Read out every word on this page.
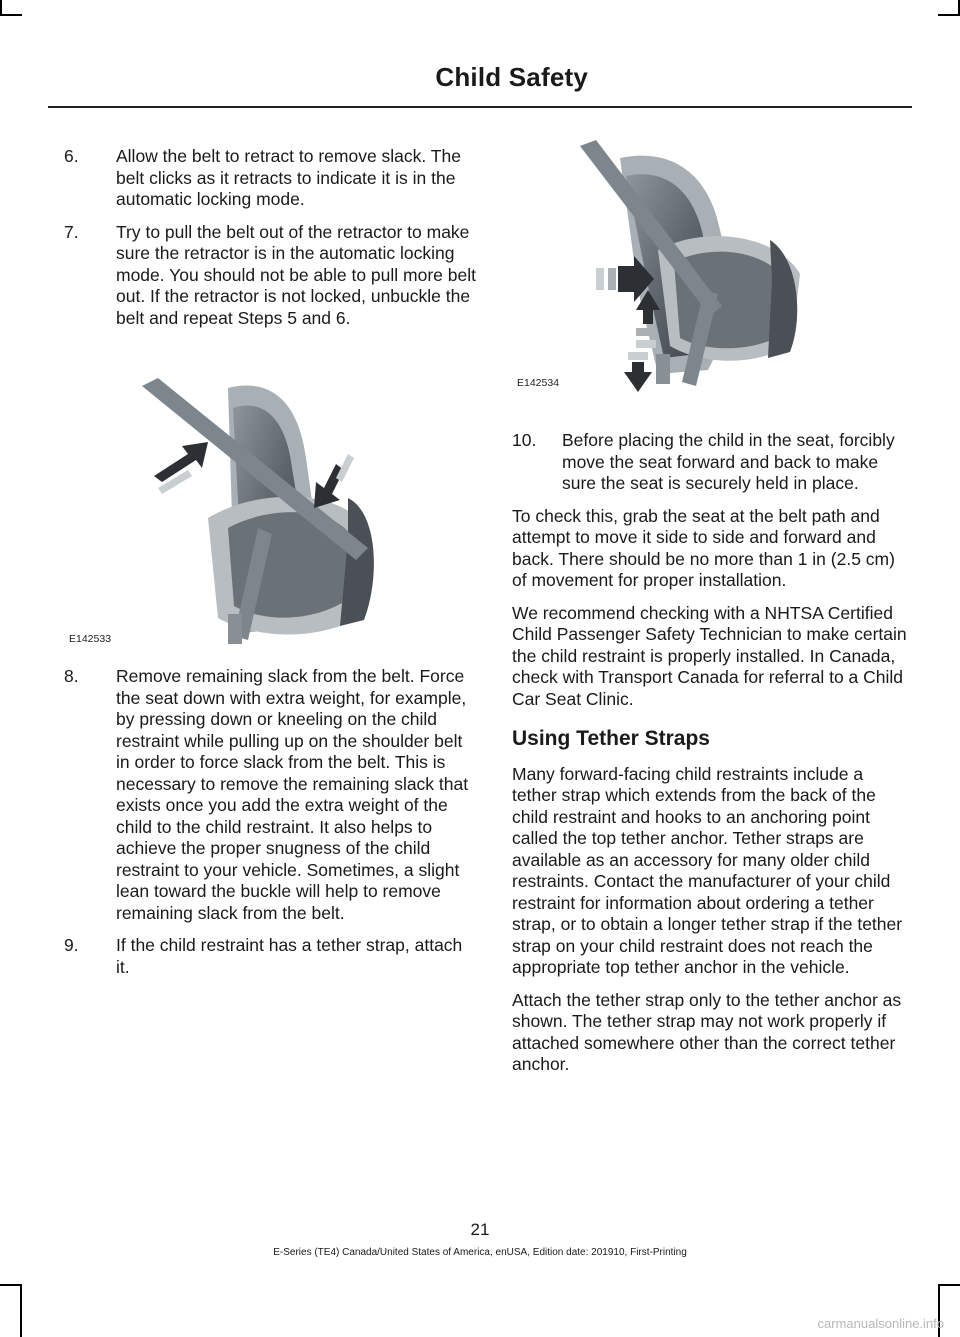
Child Safety
6.	Allow the belt to retract to remove slack. The belt clicks as it retracts to indicate it is in the automatic locking mode.
7.	Try to pull the belt out of the retractor to make sure the retractor is in the automatic locking mode. You should not be able to pull more belt out. If the retractor is not locked, unbuckle the belt and repeat Steps 5 and 6.
E142533
8.	Remove remaining slack from the belt. Force the seat down with extra weight, for example, by pressing down or kneeling on the child restraint while pulling up on the shoulder belt in order to force slack from the belt. This is necessary to remove the remaining slack that exists once you add the extra weight of the child to the child restraint. It also helps to achieve the proper snugness of the child restraint to your vehicle. Sometimes, a slight lean toward the buckle will help to remove remaining slack from the belt.
9.	If the child restraint has a tether strap, attach it.
E142534
10.	Before placing the child in the seat, forcibly move the seat forward and back to make sure the seat is securely held in place.

To check this, grab the seat at the belt path and attempt to move it side to side and forward and back. There should be no more than 1 in (2.5 cm) of movement for proper installation.

We recommend checking with a NHTSA Certified Child Passenger Safety Technician to make certain the child restraint is properly installed. In Canada, check with Transport Canada for referral to a Child Car Seat Clinic.

Using Tether Straps

Many forward-facing child restraints include a tether strap which extends from the back of the child restraint and hooks to an anchoring point called the top tether anchor. Tether straps are available as an accessory for many older child restraints. Contact the manufacturer of your child restraint for information about ordering a tether strap, or to obtain a longer tether strap if the tether strap on your child restraint does not reach the appropriate top tether anchor in the vehicle.

Attach the tether strap only to the tether anchor as shown. The tether strap may not work properly if attached somewhere other than the correct tether anchor.

21
E-Series (TE4) Canada/United States of America, enUSA, Edition date: 201910, First-Printing
carmanualsonline.info
